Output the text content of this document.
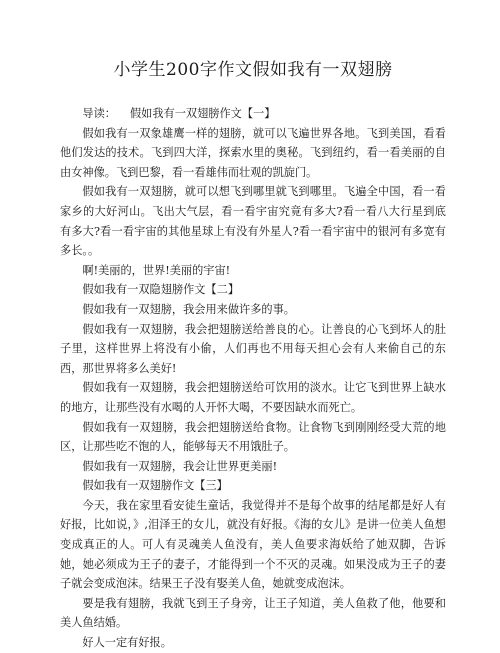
小学生200字作文假如我有一双翅膀

导读： 假如我有一双翅膀作文【一】

假如我有一双象雄鹰一样的翅膀，就可以飞遍世界各地。飞到美国，看看他们发达的技术。飞到四大洋，探索水里的奥秘。飞到纽约，看一看美丽的自由女神像。飞到巴黎，看一看雄伟而壮观的凯旋门。

假如我有一双翅膀，就可以想飞到哪里就飞到哪里。飞遍全中国，看一看家乡的大好河山。飞出大气层，看一看宇宙究竟有多大?看一看八大行星到底有多大?看一看宇宙的其他星球上有没有外星人?看一看宇宙中的银河有多宽有多长。。

啊!美丽的，世界!美丽的宇宙!

假如我有一双隐翅膀作文【二】

假如我有一双翅膀，我会用来做许多的事。

假如我有一双翅膀，我会把翅膀送给善良的心。让善良的心飞到坏人的肚子里，这样世界上将没有小偷，人们再也不用每天担心会有人来偷自己的东西，那世界将多么美好!

假如我有一双翅膀，我会把翅膀送给可饮用的淡水。让它飞到世界上缺水的地方，让那些没有水喝的人开怀大喝，不要因缺水而死亡。

假如我有一双翅膀，我会把翅膀送给食物。让食物飞到刚刚经受大荒的地区，让那些吃不饱的人，能够每天不用饿肚子。

假如我有一双翅膀，我会让世界更美丽!

假如我有一双翅膀作文【三】

今天，我在家里看安徒生童话，我觉得并不是每个故事的结尾都是好人有好报，比如说，》,泪泽王的女儿，就没有好报。《海的女儿》是讲一位美人鱼想变成真正的人。可人有灵魂美人鱼没有，美人鱼要求海妖给了她双脚，告诉她，她必须成为王子的妻子，才能得到一个不灭的灵魂。如果没成为王子的妻子就会变成泡沫。结果王子没有娶美人鱼，她就变成泡沫。

要是我有翅膀，我就飞到王子身旁，让王子知道，美人鱼救了他，他要和美人鱼结婚。

好人一定有好报。
